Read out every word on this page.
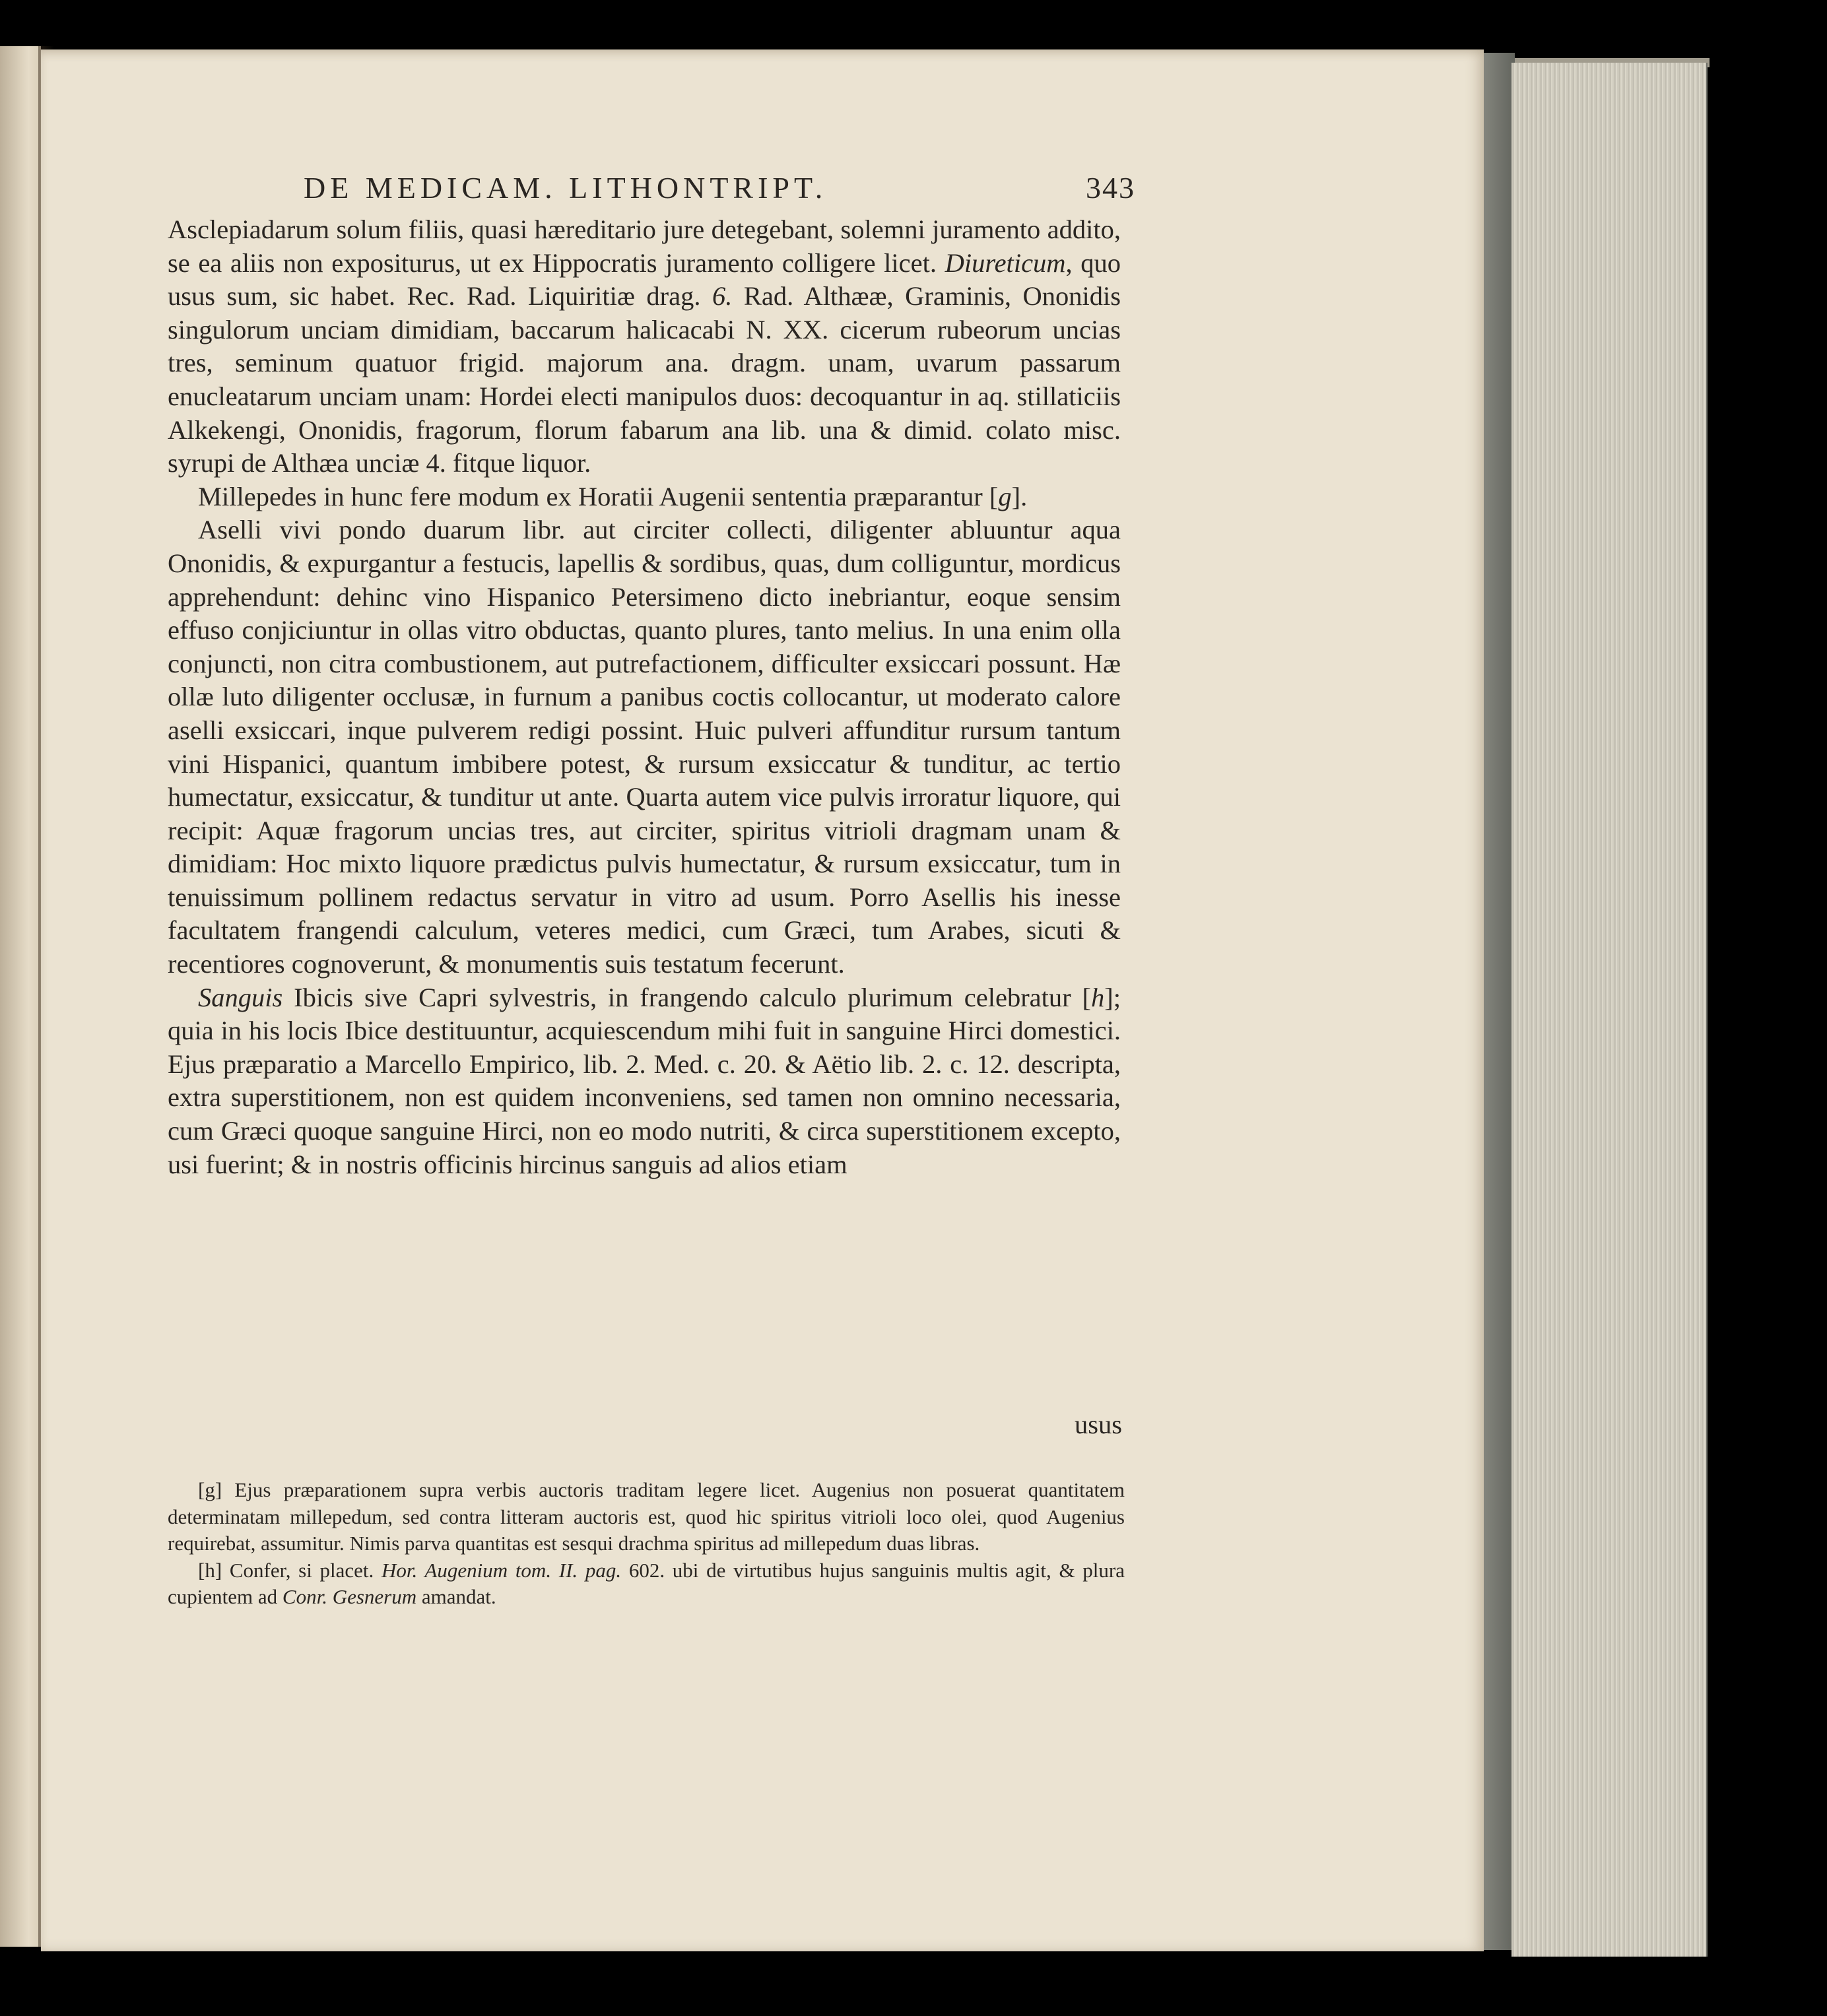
DE MEDICAM. LITHONTRIPT.	343

Asclepiadarum solum filiis, quasi hæreditario jure detegebant, solemni juramento addito, se ea aliis non expositurus, ut ex Hippocratis juramento colligere licet. Diureticum, quo usus sum, sic habet. Rec. Rad. Liquiritiæ drag. 6. Rad. Althææ, Graminis, Ononidis singulorum unciam dimidiam, baccarum halicacabi N. XX. cicerum rubeorum uncias tres, seminum quatuor frigid. majorum ana. dragm. unam, uvarum passarum enucleatarum unciam unam: Hordei electi manipulos duos: decoquantur in aq. stillaticiis Alkekengi, Ononidis, fragorum, florum fabarum ana lib. una & dimid. colato misc. syrupi de Althæa unciæ 4. fitque liquor.

Millepedes in hunc fere modum ex Horatii Augenii sententia præparantur [g].

Aselli vivi pondo duarum libr. aut circiter collecti, diligenter abluuntur aqua Ononidis, & expurgantur a festucis, lapellis & sordibus, quas, dum colliguntur, mordicus apprehendunt: dehinc vino Hispanico Petersimeno dicto inebriantur, eoque sensim effuso conjiciuntur in ollas vitro obductas, quanto plures, tanto melius. In una enim olla conjuncti, non citra combustionem, aut putrefactionem, difficulter exsiccari possunt. Hæ ollæ luto diligenter occlusæ, in furnum a panibus coctis collocantur, ut moderato calore aselli exsiccari, inque pulverem redigi possint. Huic pulveri affunditur rursum tantum vini Hispanici, quantum imbibere potest, & rursum exsiccatur & tunditur, ac tertio humectatur, exsiccatur, & tunditur ut ante. Quarta autem vice pulvis irroratur liquore, qui recipit: Aquæ fragorum uncias tres, aut circiter, spiritus vitrioli dragmam unam & dimidiam: Hoc mixto liquore prædictus pulvis humectatur, & rursum exsiccatur, tum in tenuissimum pollinem redactus servatur in vitro ad usum. Porro Asellis his inesse facultatem frangendi calculum, veteres medici, cum Græci, tum Arabes, sicuti & recentiores cognoverunt, & monumentis suis testatum fecerunt.

Sanguis Ibicis sive Capri sylvestris, in frangendo calculo plurimum celebratur [h]; quia in his locis Ibice destituuntur, acquiescendum mihi fuit in sanguine Hirci domestici. Ejus præparatio a Marcello Empirico, lib. 2. Med. c. 20. & Aëtio lib. 2. c. 12. descripta, extra superstitionem, non est quidem inconveniens, sed tamen non omnino necessaria, cum Græci quoque sanguine Hirci, non eo modo nutriti, & circa superstitionem excepto, usi fuerint; & in nostris officinis hircinus sanguis ad alios etiam

usus

[g] Ejus præparationem supra verbis auctoris traditam legere licet. Augenius non posuerat quantitatem determinatam millepedum, sed contra litteram auctoris est, quod hic spiritus vitrioli loco olei, quod Augenius requirebat, assumitur. Nimis parva quantitas est sesqui drachma spiritus ad millepedum duas libras.

[h] Confer, si placet. Hor. Augenium tom. II. pag. 602. ubi de virtutibus hujus sanguinis multis agit, & plura cupientem ad Conr. Gesnerum amandat.
